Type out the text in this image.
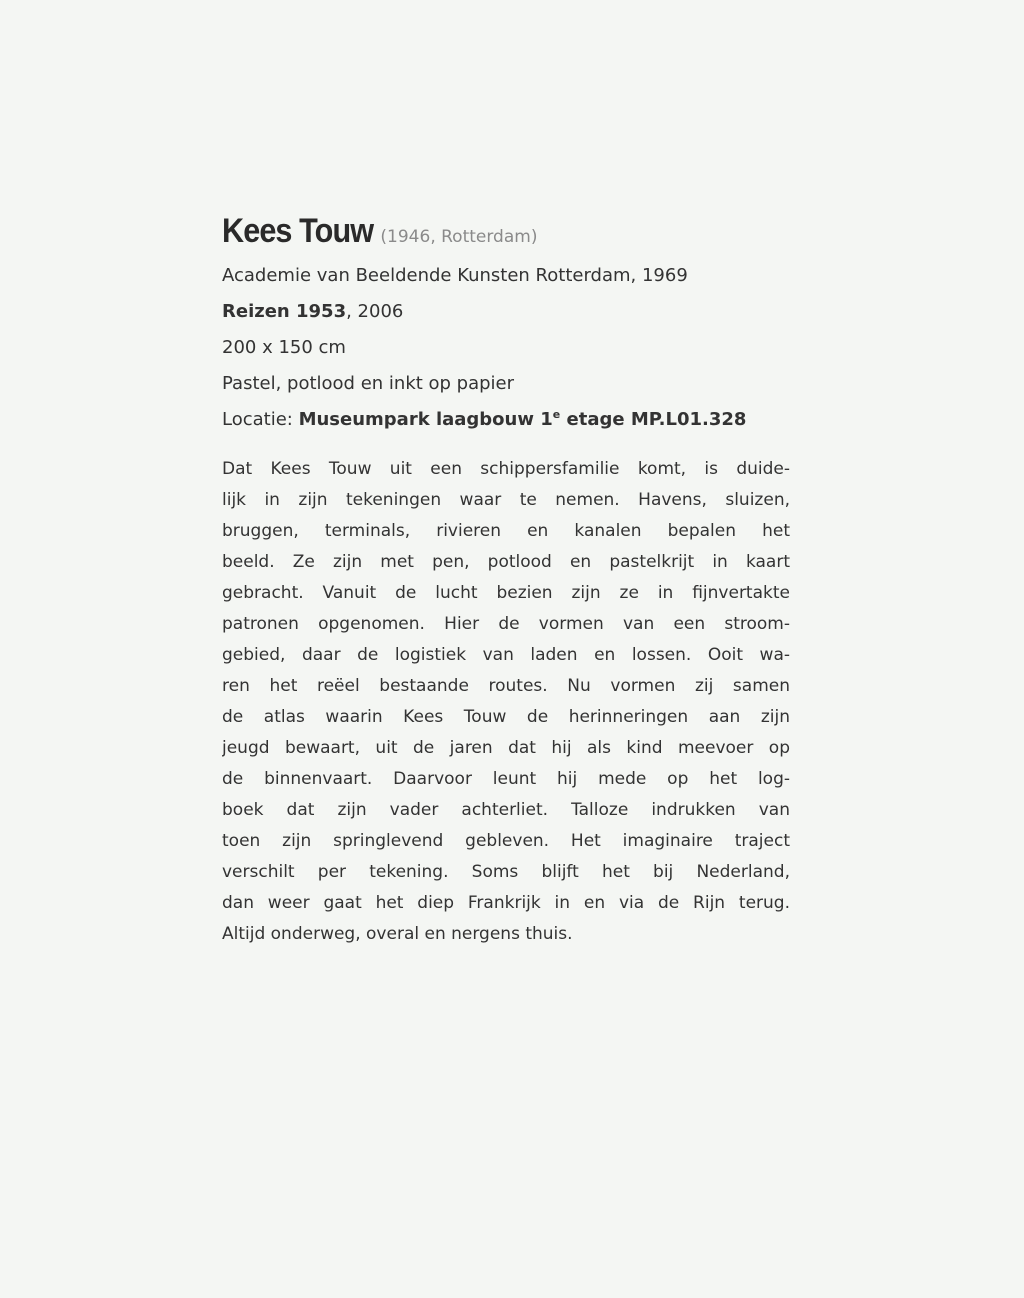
Kees Touw (1946, Rotterdam)
Academie van Beeldende Kunsten Rotterdam, 1969
Reizen 1953, 2006
200 x 150 cm
Pastel, potlood en inkt op papier
Locatie: Museumpark laagbouw 1e etage MP.L01.328
Dat Kees Touw uit een schippersfamilie komt, is duide-
lijk in zijn tekeningen waar te nemen. Havens, sluizen,
bruggen, terminals, rivieren en kanalen bepalen het
beeld. Ze zijn met pen, potlood en pastelkrijt in kaart
gebracht. Vanuit de lucht bezien zijn ze in fijnvertakte
patronen opgenomen. Hier de vormen van een stroom-
gebied, daar de logistiek van laden en lossen. Ooit wa-
ren het reëel bestaande routes. Nu vormen zij samen
de atlas waarin Kees Touw de herinneringen aan zijn
jeugd bewaart, uit de jaren dat hij als kind meevoer op
de binnenvaart. Daarvoor leunt hij mede op het log-
boek dat zijn vader achterliet. Talloze indrukken van
toen zijn springlevend gebleven. Het imaginaire traject
verschilt per tekening. Soms blijft het bij Nederland,
dan weer gaat het diep Frankrijk in en via de Rijn terug.
Altijd onderweg, overal en nergens thuis.
